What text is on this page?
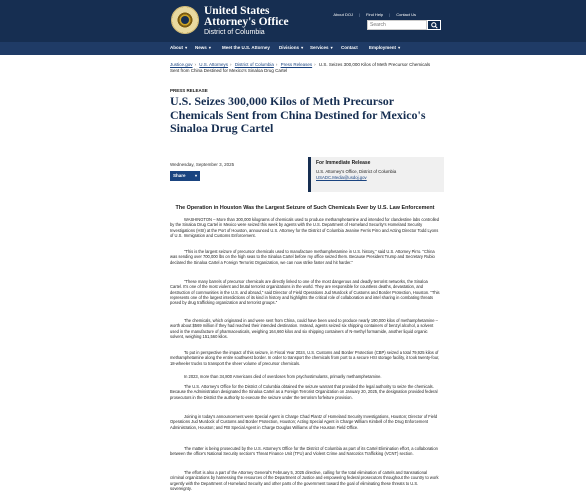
United States
Attorney's Office
District of Columbia
About DOJ | Find Help | Contact Us
Search
About ▾ News ▾ Meet the U.S. Attorney Divisions ▾ Services ▾ Contact	Employment ▾
Justice.gov › U.S. Attorneys › District of Columbia › Press Releases › U.S. Seizes 300,000 Kilos of Meth Precursor Chemicals Sent from China Destined for Mexico's Sinaloa Drug Cartel
PRESS RELEASE
U.S. Seizes 300,000 Kilos of Meth Precursor Chemicals Sent from China Destined for Mexico's Sinaloa Drug Cartel
Wednesday, September 3, 2025
Share ▾
For Immediate Release
U.S. Attorney's Office, District of Columbia
USADC.Media@usdoj.gov
The Operation in Houston Was the Largest Seizure of Such Chemicals Ever by U.S. Law Enforcement

WASHINGTON – More than 300,000 kilograms of chemicals used to produce methamphetamine and intended for clandestine labs controlled by the Sinaloa Drug Cartel in Mexico were seized this week by agents with the U.S. Department of Homeland Security's Homeland Security Investigations (HSI) at the Port of Houston, announced U.S. Attorney for the District of Columbia Jeanine Ferris Pirro and Acting Director Todd Lyons of U.S. Immigration and Customs Enforcement.

"This is the largest seizure of precursor chemicals used to manufacture methamphetamine in U.S. history," said U.S. Attorney Pirro. "China was sending over 700,000 lbs on the high seas to the Sinaloa Cartel before my office seized them. Because President Trump and Secretary Rubio declared the Sinaloa Cartel a Foreign Terrorist Organization, we can now strike faster and hit harder."

"These many barrels of precursor chemicals are directly linked to one of the most dangerous and deadly terrorist networks, the Sinaloa Cartel. It's one of the most violent and brutal terrorist organizations in the world. They are responsible for countless deaths, devastation, and destruction of communities in the U.S. and abroad," said Director of Field Operations Jud Murdock of Customs and Border Protection, Houston. "This represents one of the largest interdictions of its kind in history and highlights the critical role of collaboration and intel sharing in combating threats posed by drug trafficking organization and terrorist groups."

The chemicals, which originated in and were sent from China, could have been used to produce nearly 190,000 kilos of methamphetamine – worth about $569 million if they had reached their intended destination. Instead, agents seized six shipping containers of benzyl alcohol, a solvent used in the manufacture of pharmaceuticals, weighing 164,660 kilos and six shipping containers of N-methyl formamide, another liquid organic solvent, weighing 151,560 kilos.

To put in perspective the impact of this seizure, in Fiscal Year 2024, U.S. Customs and Border Protection (CBP) seized a total 79,925 kilos of methamphetamine along the entire southwest border. In order to transport the chemicals from port to a secure HSI storage facility, it took twenty-four, 18-wheeler trucks to transport the sheer volume of precursor chemicals.

In 2023, more than 34,800 Americans died of overdoses from psychostimulants, primarily methamphetamine.

The U.S. Attorney's Office for the District of Columbia obtained the seizure warrant that provided the legal authority to seize the chemicals. Because the Administration designated the Sinaloa Cartel as a Foreign Terrorist Organization on January 20, 2025, the designation provided federal prosecutors in the District the authority to execute the seizure under the terrorism forfeiture provision.

Joining in today's announcement were Special Agent in Charge Chad Plantz of Homeland Security Investigations, Houston; Director of Field Operations Jud Murdock of Customs and Border Protection, Houston; Acting Special Agent in Charge William Kimbell of the Drug Enforcement Administration, Houston; and FBI Special Agent in Charge Douglas Williams of the Houston Field Office.

The matter is being prosecuted by the U.S. Attorney's Office for the District of Columbia as part of its Cartel Elimination effort, a collaboration between the office's National Security section's Threat Finance Unit (TFU) and Violent Crime and Narcotics Trafficking (VCNT) section.

The effort is also a part of the Attorney General's February 5, 2025 directive, calling for the total elimination of cartels and transnational criminal organizations by harnessing the resources of the Department of Justice and empowering federal prosecutors throughout the country to work urgently with the Department of Homeland Security and other parts of the government toward the goal of eliminating these threats to U.S. sovereignty.
